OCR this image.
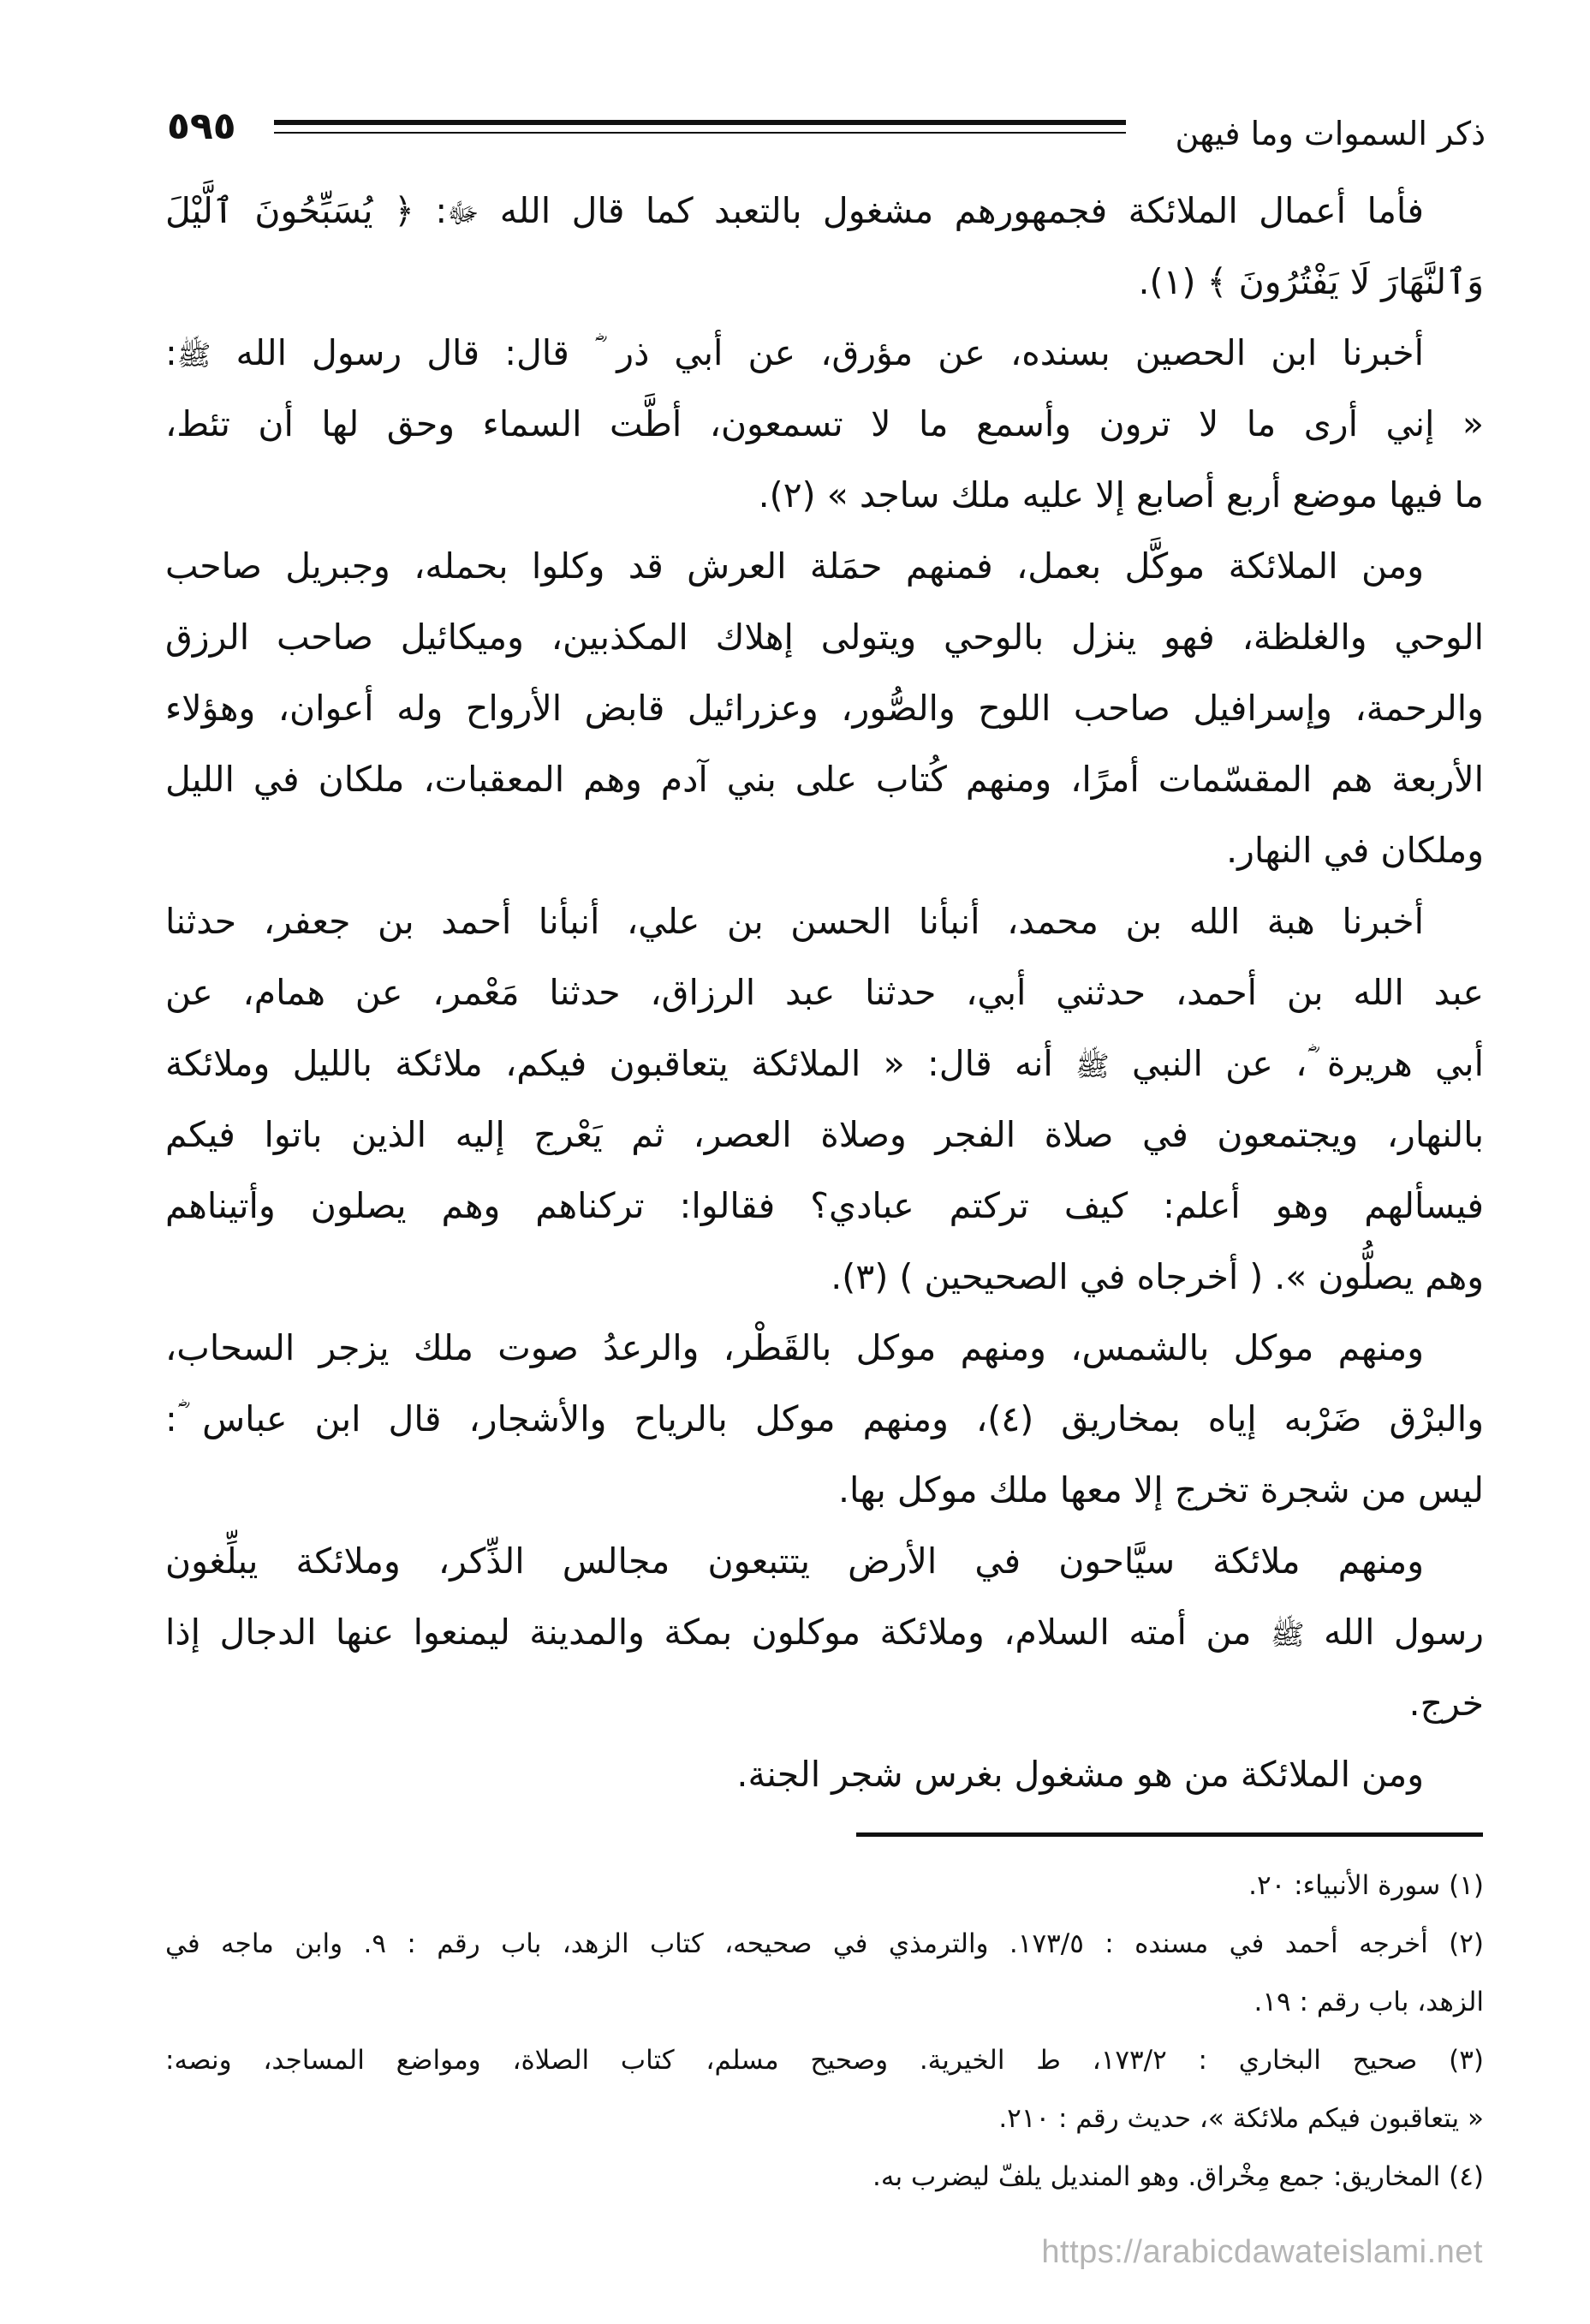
٥٩٥	ذكر السموات وما فيهن
فأما أعمال الملائكة فجمهورهم مشغول بالتعبد كما قال الله ﷻ: ﴿ يُسَبِّحُونَ ٱلَّيْلَ
وَٱلنَّهَارَ لَا يَفْتُرُونَ ﴾ (١).
أخبرنا ابن الحصين بسنده، عن مؤرق، عن أبي ذر ؓ قال: قال رسول الله ﷺ:
« إني أرى ما لا ترون وأسمع ما لا تسمعون، أطَّت السماء وحق لها أن تئط،
ما فيها موضع أربع أصابع إلا عليه ملك ساجد » (٢).
ومن الملائكة موكَّل بعمل، فمنهم حمَلة العرش قد وكلوا بحمله، وجبريل صاحب
الوحي والغلظة، فهو ينزل بالوحي ويتولى إهلاك المكذبين، وميكائيل صاحب الرزق
والرحمة، وإسرافيل صاحب اللوح والصُّور، وعزرائيل قابض الأرواح وله أعوان، وهؤلاء
الأربعة هم المقسّمات أمرًا، ومنهم كُتاب على بني آدم وهم المعقبات، ملكان في الليل
وملكان في النهار.
أخبرنا هبة الله بن محمد، أنبأنا الحسن بن علي، أنبأنا أحمد بن جعفر، حدثنا
عبد الله بن أحمد، حدثني أبي، حدثنا عبد الرزاق، حدثنا مَعْمر، عن همام، عن
أبي هريرة ؓ، عن النبي ﷺ أنه قال: « الملائكة يتعاقبون فيكم، ملائكة بالليل وملائكة
بالنهار، ويجتمعون في صلاة الفجر وصلاة العصر، ثم يَعْرج إليه الذين باتوا فيكم
فيسألهم وهو أعلم: كيف تركتم عبادي؟ فقالوا: تركناهم وهم يصلون وأتيناهم
وهم يصلُّون ». ( أخرجاه في الصحيحين ) (٣).
ومنهم موكل بالشمس، ومنهم موكل بالقَطْر، والرعدُ صوت ملك يزجر السحاب،
والبرْق ضَرْبه إياه بمخاريق (٤)، ومنهم موكل بالرياح والأشجار، قال ابن عباس ؓ:
ليس من شجرة تخرج إلا معها ملك موكل بها.
ومنهم ملائكة سيَّاحون في الأرض يتتبعون مجالس الذِّكر، وملائكة يبلِّغون
رسول الله ﷺ من أمته السلام، وملائكة موكلون بمكة والمدينة ليمنعوا عنها الدجال إذا
خرج.
ومن الملائكة من هو مشغول بغرس شجر الجنة.
(١) سورة الأنبياء: ٢٠.
(٢) أخرجه أحمد في مسنده : ١٧٣/٥. والترمذي في صحيحه، كتاب الزهد، باب رقم : ٩. وابن ماجه في
الزهد، باب رقم : ١٩.
(٣) صحيح البخاري : ١٧٣/٢، ط الخيرية. وصحيح مسلم، كتاب الصلاة، ومواضع المساجد، ونصه:
« يتعاقبون فيكم ملائكة »، حديث رقم : ٢١٠.
(٤) المخاريق: جمع مِخْراق. وهو المنديل يلفّ ليضرب به.
https://arabicdawateislami.net
